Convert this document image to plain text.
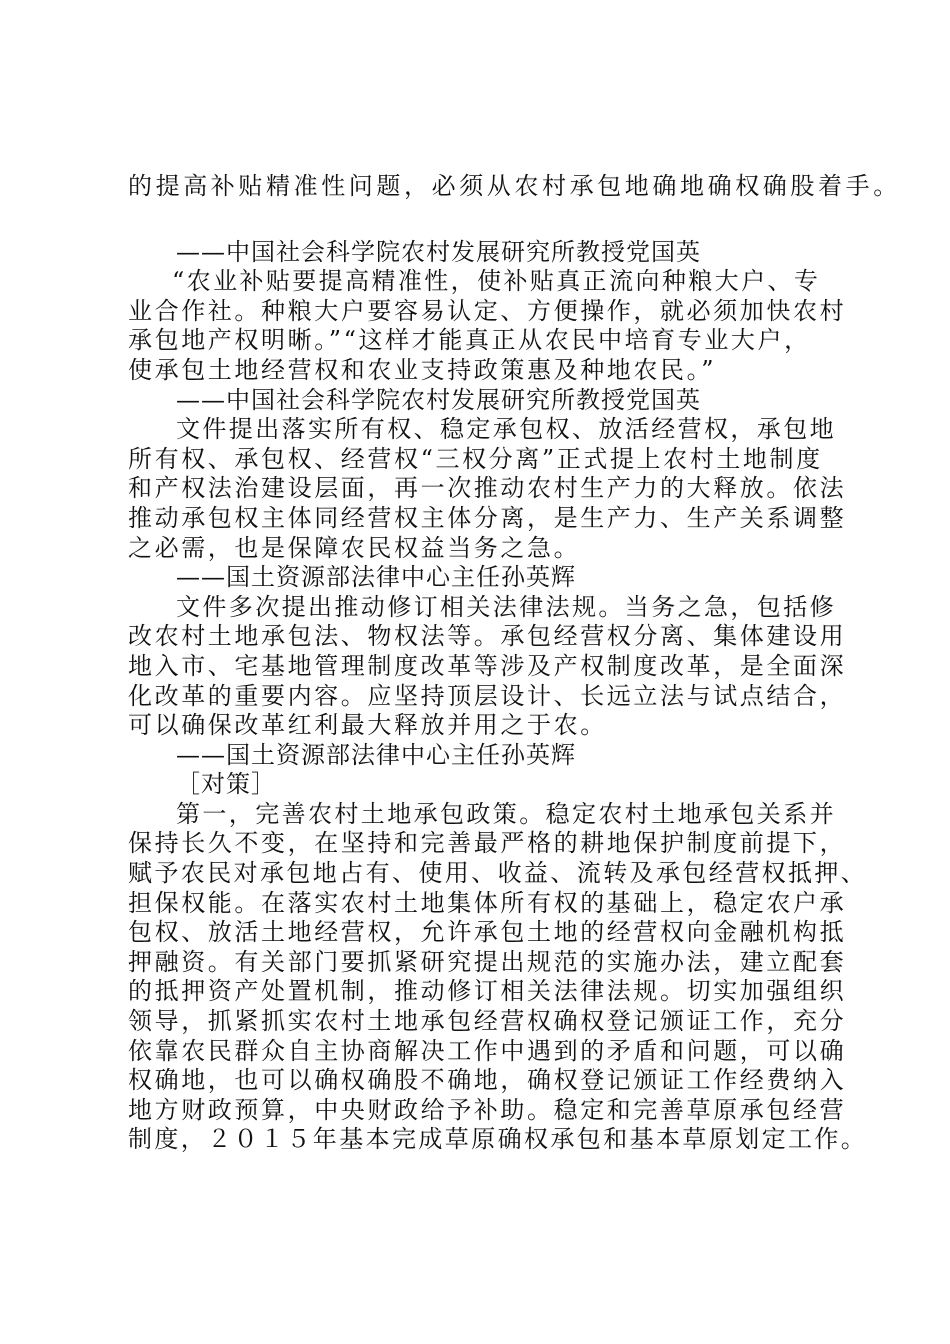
的提高补贴精准性问题，必须从农村承包地确地确权确股着手。
——中国社会科学院农村发展研究所教授党国英
“农业补贴要提高精准性，使补贴真正流向种粮大户、专
业合作社。种粮大户要容易认定、方便操作，就必须加快农村
承包地产权明晰。”“这样才能真正从农民中培育专业大户，
使承包土地经营权和农业支持政策惠及种地农民。”
——中国社会科学院农村发展研究所教授党国英
文件提出落实所有权、稳定承包权、放活经营权，承包地
所有权、承包权、经营权“三权分离”正式提上农村土地制度
和产权法治建设层面，再一次推动农村生产力的大释放。依法
推动承包权主体同经营权主体分离，是生产力、生产关系调整
之必需，也是保障农民权益当务之急。
——国土资源部法律中心主任孙英辉
文件多次提出推动修订相关法律法规。当务之急，包括修
改农村土地承包法、物权法等。承包经营权分离、集体建设用
地入市、宅基地管理制度改革等涉及产权制度改革，是全面深
化改革的重要内容。应坚持顶层设计、长远立法与试点结合，
可以确保改革红利最大释放并用之于农。
——国土资源部法律中心主任孙英辉
［对策］
第一，完善农村土地承包政策。稳定农村土地承包关系并
保持长久不变，在坚持和完善最严格的耕地保护制度前提下，
赋予农民对承包地占有、使用、收益、流转及承包经营权抵押、
担保权能。在落实农村土地集体所有权的基础上，稳定农户承
包权、放活土地经营权，允许承包土地的经营权向金融机构抵
押融资。有关部门要抓紧研究提出规范的实施办法，建立配套
的抵押资产处置机制，推动修订相关法律法规。切实加强组织
领导，抓紧抓实农村土地承包经营权确权登记颁证工作，充分
依靠农民群众自主协商解决工作中遇到的矛盾和问题，可以确
权确地，也可以确权确股不确地，确权登记颁证工作经费纳入
地方财政预算，中央财政给予补助。稳定和完善草原承包经营
制度，２０１５年基本完成草原确权承包和基本草原划定工作。
